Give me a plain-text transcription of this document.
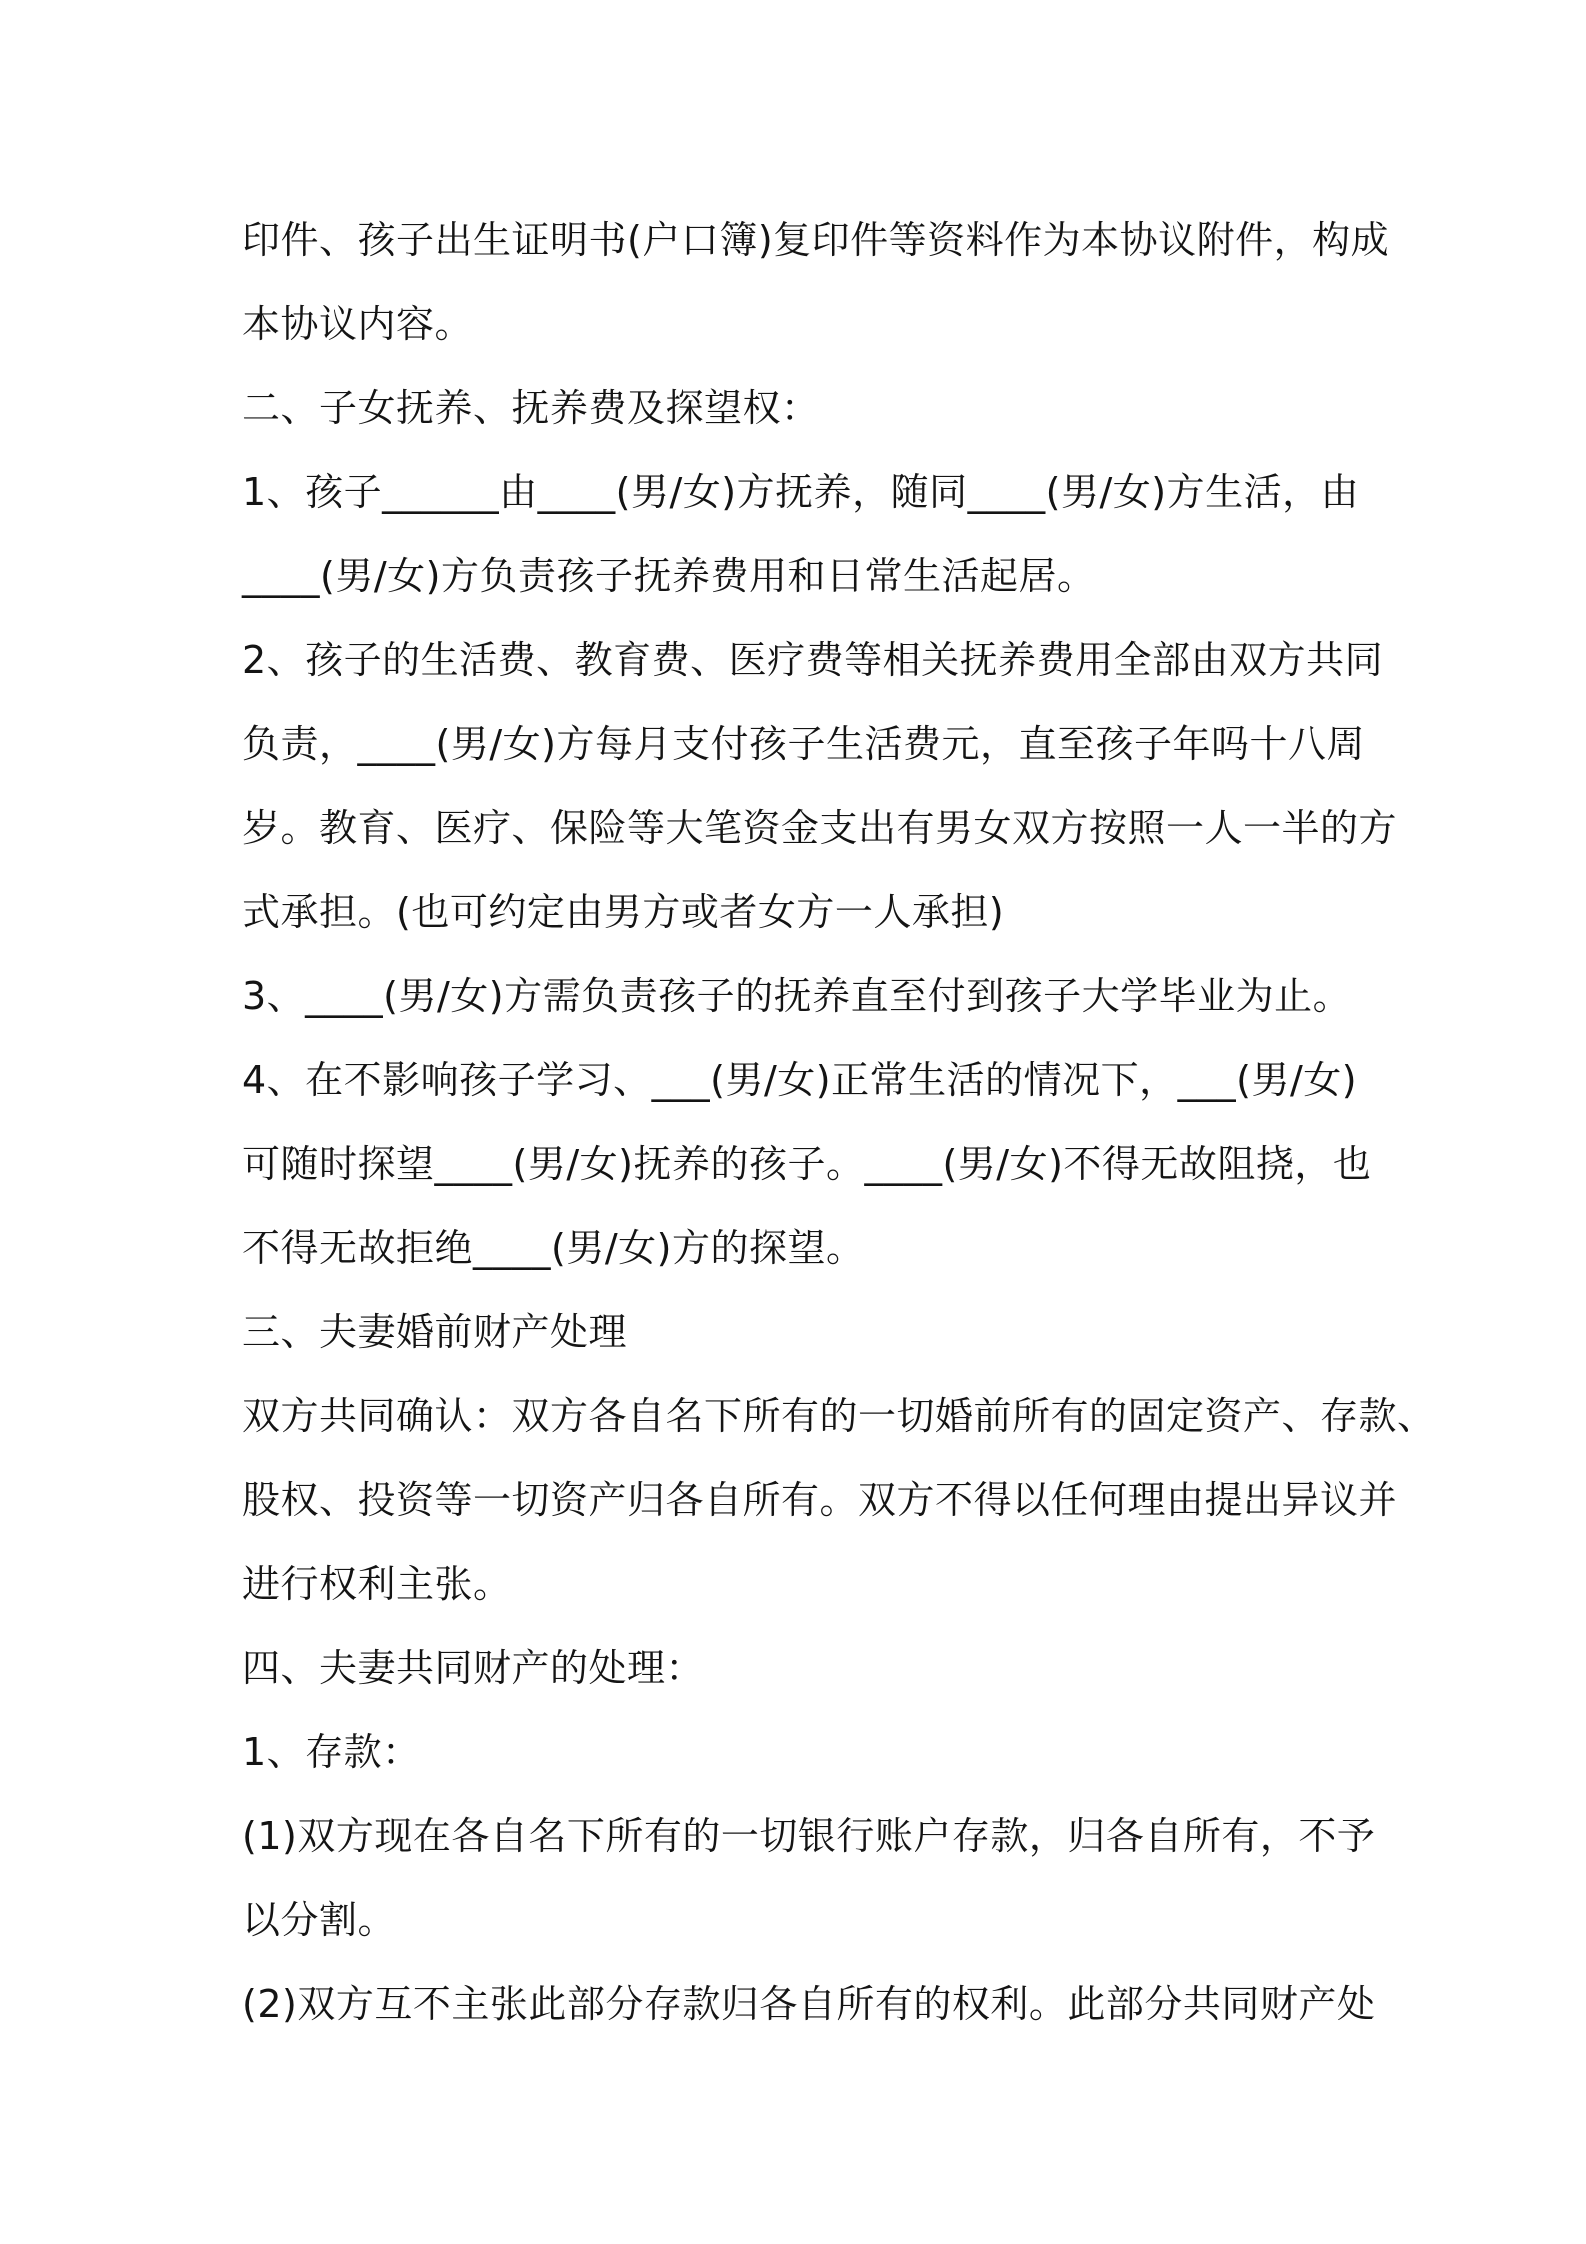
印件、孩子出生证明书(户口簿)复印件等资料作为本协议附件，构成
本协议内容。
二、子女抚养、抚养费及探望权：
1、孩子______由____(男/女)方抚养，随同____(男/女)方生活，由
____(男/女)方负责孩子抚养费用和日常生活起居。
2、孩子的生活费、教育费、医疗费等相关抚养费用全部由双方共同
负责，____(男/女)方每月支付孩子生活费元，直至孩子年吗十八周
岁。教育、医疗、保险等大笔资金支出有男女双方按照一人一半的方
式承担。(也可约定由男方或者女方一人承担)
3、____(男/女)方需负责孩子的抚养直至付到孩子大学毕业为止。
4、在不影响孩子学习、___(男/女)正常生活的情况下，___(男/女)
可随时探望____(男/女)抚养的孩子。____(男/女)不得无故阻挠，也
不得无故拒绝____(男/女)方的探望。
三、夫妻婚前财产处理
双方共同确认：双方各自名下所有的一切婚前所有的固定资产、存款、
股权、投资等一切资产归各自所有。双方不得以任何理由提出异议并
进行权利主张。
四、夫妻共同财产的处理：
1、存款：
(1)双方现在各自名下所有的一切银行账户存款，归各自所有，不予
以分割。
(2)双方互不主张此部分存款归各自所有的权利。此部分共同财产处
